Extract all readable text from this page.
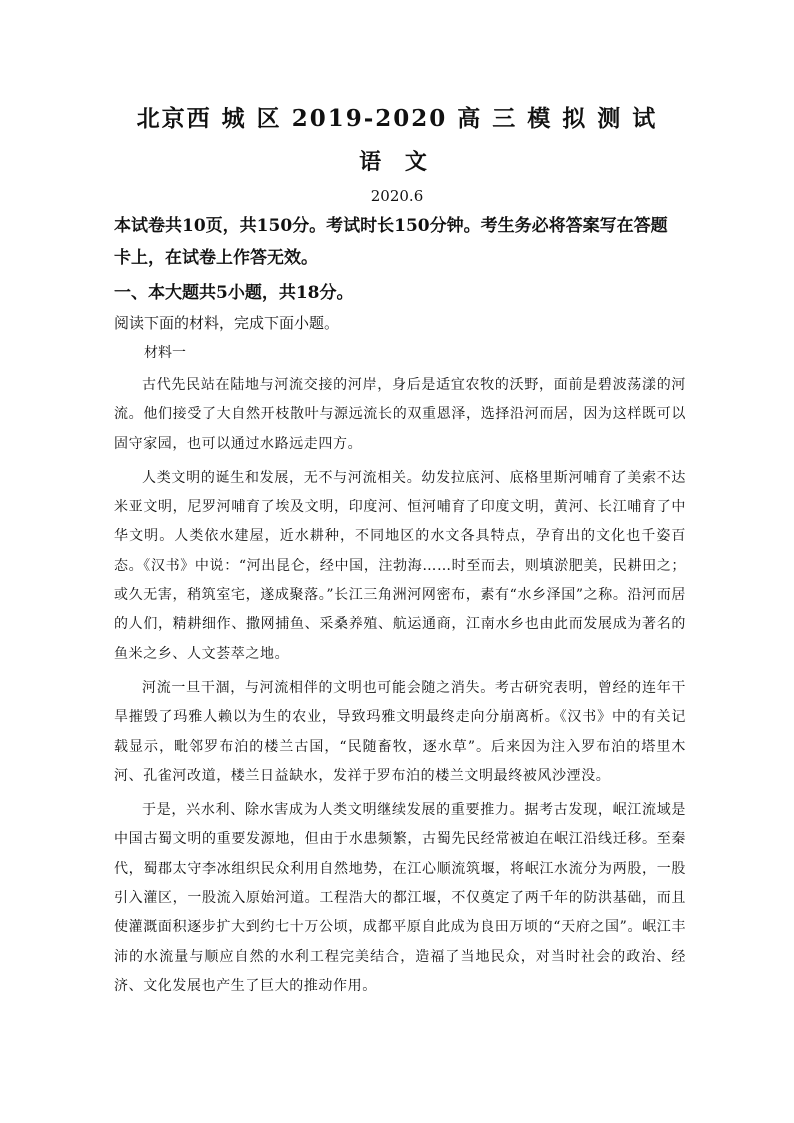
北京西 城 区 2019-2020 高 三 模 拟 测 试
语 文
2020.6

本试卷共10页，共150分。考试时长150分钟。考生务必将答案写在答题卡上，在试卷上作答无效。

一、本大题共5小题，共18分。
阅读下面的材料，完成下面小题。
材料一

古代先民站在陆地与河流交接的河岸，身后是适宜农牧的沃野，面前是碧波荡漾的河流。他们接受了大自然开枝散叶与源远流长的双重恩泽，选择沿河而居，因为这样既可以固守家园，也可以通过水路远走四方。

人类文明的诞生和发展，无不与河流相关。幼发拉底河、底格里斯河哺育了美索不达米亚文明，尼罗河哺育了埃及文明，印度河、恒河哺育了印度文明，黄河、长江哺育了中华文明。人类依水建屋，近水耕种，不同地区的水文各具特点，孕育出的文化也千姿百态。《汉书》中说：“河出昆仑，经中国，注勃海……时至而去，则填淤肥美，民耕田之；或久无害，稍筑室宅，遂成聚落。”长江三角洲河网密布，素有“水乡泽国”之称。沿河而居的人们，精耕细作、撒网捕鱼、采桑养殖、航运通商，江南水乡也由此而发展成为著名的鱼米之乡、人文荟萃之地。

河流一旦干涸，与河流相伴的文明也可能会随之消失。考古研究表明，曾经的连年干旱摧毁了玛雅人赖以为生的农业，导致玛雅文明最终走向分崩离析。《汉书》中的有关记载显示，毗邻罗布泊的楼兰古国，“民随畜牧，逐水草”。后来因为注入罗布泊的塔里木河、孔雀河改道，楼兰日益缺水，发祥于罗布泊的楼兰文明最终被风沙湮没。

于是，兴水利、除水害成为人类文明继续发展的重要推力。据考古发现，岷江流域是中国古蜀文明的重要发源地，但由于水患频繁，古蜀先民经常被迫在岷江沿线迁移。至秦代，蜀郡太守李冰组织民众利用自然地势，在江心顺流筑堰，将岷江水流分为两股，一股引入灌区，一股流入原始河道。工程浩大的都江堰，不仅奠定了两千年的防洪基础，而且使灌溉面积逐步扩大到约七十万公顷，成都平原自此成为良田万顷的“天府之国”。岷江丰沛的水流量与顺应自然的水利工程完美结合，造福了当地民众，对当时社会的政治、经济、文化发展也产生了巨大的推动作用。
